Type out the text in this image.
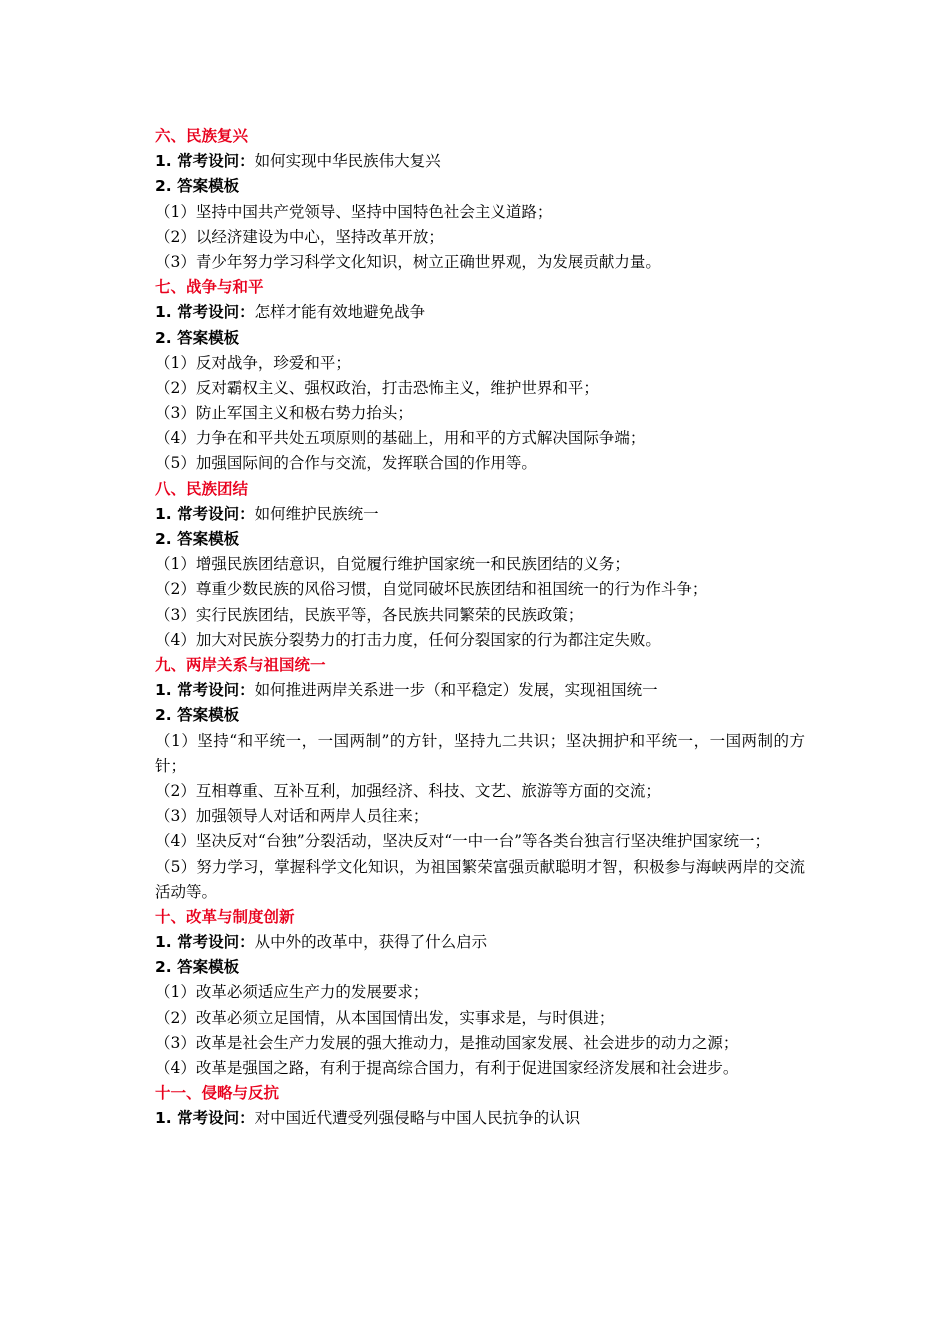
六、民族复兴
1. 常考设问：如何实现中华民族伟大复兴
2. 答案模板
（1）坚持中国共产党领导、坚持中国特色社会主义道路；
（2）以经济建设为中心，坚持改革开放；
（3）青少年努力学习科学文化知识，树立正确世界观，为发展贡献力量。
七、战争与和平
1. 常考设问：怎样才能有效地避免战争
2. 答案模板
（1）反对战争，珍爱和平；
（2）反对霸权主义、强权政治，打击恐怖主义，维护世界和平；
（3）防止军国主义和极右势力抬头；
（4）力争在和平共处五项原则的基础上，用和平的方式解决国际争端；
（5）加强国际间的合作与交流，发挥联合国的作用等。
八、民族团结
1. 常考设问：如何维护民族统一
2. 答案模板
（1）增强民族团结意识，自觉履行维护国家统一和民族团结的义务；
（2）尊重少数民族的风俗习惯，自觉同破坏民族团结和祖国统一的行为作斗争；
（3）实行民族团结，民族平等，各民族共同繁荣的民族政策；
（4）加大对民族分裂势力的打击力度，任何分裂国家的行为都注定失败。
九、两岸关系与祖国统一
1. 常考设问：如何推进两岸关系进一步（和平稳定）发展，实现祖国统一
2. 答案模板
（1）坚持“和平统一，一国两制”的方针，坚持九二共识；坚决拥护和平统一，一国两制的方针；
（2）互相尊重、互补互利，加强经济、科技、文艺、旅游等方面的交流；
（3）加强领导人对话和两岸人员往来；
（4）坚决反对“台独”分裂活动，坚决反对“一中一台”等各类台独言行坚决维护国家统一；
（5）努力学习，掌握科学文化知识，为祖国繁荣富强贡献聪明才智，积极参与海峡两岸的交流活动等。
十、改革与制度创新
1. 常考设问：从中外的改革中，获得了什么启示
2. 答案模板
（1）改革必须适应生产力的发展要求；
（2）改革必须立足国情，从本国国情出发，实事求是，与时俱进；
（3）改革是社会生产力发展的强大推动力，是推动国家发展、社会进步的动力之源；
（4）改革是强国之路，有利于提高综合国力，有利于促进国家经济发展和社会进步。
十一、侵略与反抗
1. 常考设问：对中国近代遭受列强侵略与中国人民抗争的认识
